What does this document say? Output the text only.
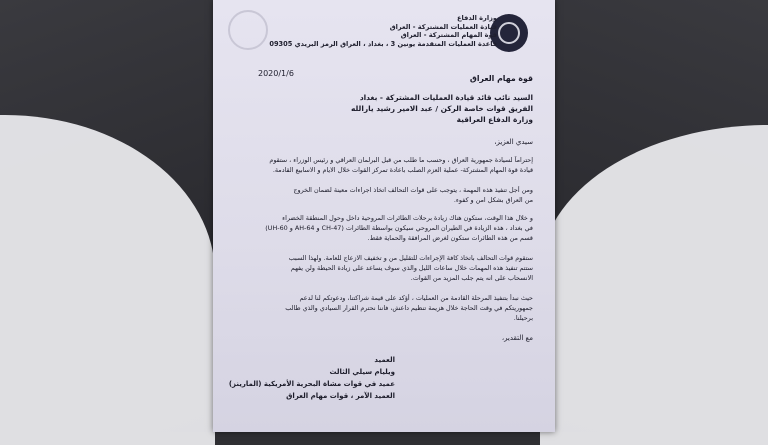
وزارة الدفاع
قيادة العمليات المشتركة - العراق
قوة المهام المشتركة - العراق
قاعدة العمليات المتقدمة يونين 3 ، بغداد ، العراق الرمز البريدي 09305
2020/1/6
قوة مهام العراق
السيد نائب قائد قيادة العمليات المشتركة - بغداد
الفريق قوات خاصة الركن / عبد الامير رشيد يارالله
وزارة الدفاع العراقية
سيدي العزيز،
إحتراماً لسيادة جمهورية العراق ، وحسب ما طلب من قبل البرلمان العراقي و رئيس الوزراء ، ستقوم
قيادة قوة المهام المشتركة- عملية العزم الصلب باعادة تمركز القوات خلال الايام و الاسابيع القادمة.
ومن أجل تنفيذ هذه المهمة ، يتوجب على قوات التحالف اتخاذ اجراءات معينة لضمان الخروج
من العراق بشكل امن و كفوء.
و خلال هذا الوقت، ستكون هناك زيادة برحلات الطائرات المروحية داخل وحول المنطقة الخضراء
في بغداد ، هذه الزيادة في الطيران المروحي سيكون بواسطة الطائرات (CH-47 و AH-64 و UH-60)
قسم من هذه الطائرات ستكون لغرض المرافقة والحماية فقط.
ستقوم قوات التحالف باتخاذ كافة الإجراءات للتقليل من و تخفيف الازعاج للعامة. ولهذا السبب
ستتم تنفيذ هذه المهمات خلال ساعات الليل والذي سوف يساعد على زيادة الحيطة ولن يفهم
الانسحاب على انه يتم جلب المزيد من القوات.
حيث نبدأ بتنفيذ المرحلة القادمة من العمليات ، أؤكد على قيمة شراكتنا، ودعوتكم لنا لدعم
جمهوريتكم في وقت الحاجة خلال هزيمة تنظيم داعش، فاننا نحترم القرار السيادي والذي طالب
برحيلنا.
مع التقدير،
العميد
ويليام سيلي الثالث
عميد في قوات مشاة البحرية الأمريكية (المارينز)
العميد الآمر ، قوات مهام العراق
